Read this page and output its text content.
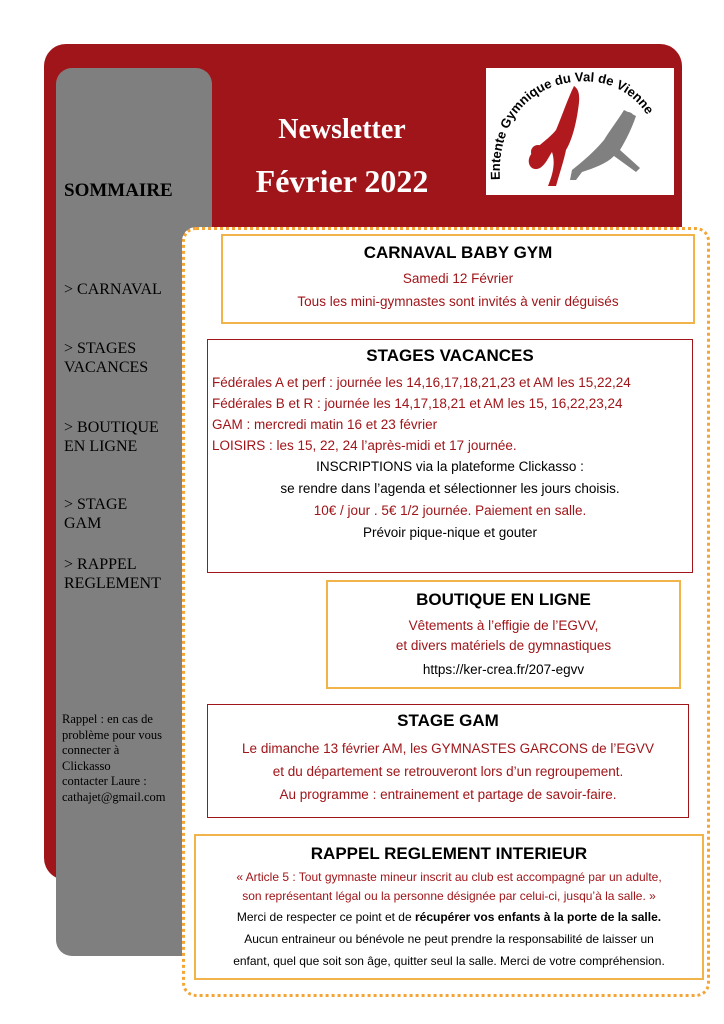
Newsletter
Février 2022	Entente Gymnique du Val de Vienne
SOMMAIRE
> CARNAVAL
> STAGES
VACANCES
> BOUTIQUE
EN LIGNE
> STAGE
GAM
> RAPPEL
REGLEMENT
Rappel : en cas de
problème pour vous
connecter à
Clickasso
contacter Laure :
cathajet@gmail.com
CARNAVAL BABY GYM
Samedi 12 Février
Tous les mini-gymnastes sont invités à venir déguisés
STAGES VACANCES
Fédérales A et perf : journée les 14,16,17,18,21,23 et AM les 15,22,24
Fédérales B et R : journée les 14,17,18,21 et AM les 15, 16,22,23,24
GAM : mercredi matin 16 et 23 février
LOISIRS : les 15, 22, 24 l’après-midi et 17 journée.
INSCRIPTIONS via la plateforme Clickasso :
se rendre dans l’agenda et sélectionner les jours choisis.
10€ / jour . 5€ 1/2 journée. Paiement en salle.
Prévoir pique-nique et gouter
BOUTIQUE EN LIGNE
Vêtements à l’effigie de l’EGVV,
et divers matériels de gymnastiques
https://ker-crea.fr/207-egvv
STAGE GAM
Le dimanche 13 février AM, les GYMNASTES GARCONS de l’EGVV
et du département se retrouveront lors d’un regroupement.
Au programme : entrainement et partage de savoir-faire.
RAPPEL REGLEMENT INTERIEUR
« Article 5 : Tout gymnaste mineur inscrit au club est accompagné par un adulte,
son représentant légal ou la personne désignée par celui-ci, jusqu’à la salle. »
Merci de respecter ce point et de récupérer vos enfants à la porte de la salle.
Aucun entraineur ou bénévole ne peut prendre la responsabilité de laisser un
enfant, quel que soit son âge, quitter seul la salle. Merci de votre compréhension.
